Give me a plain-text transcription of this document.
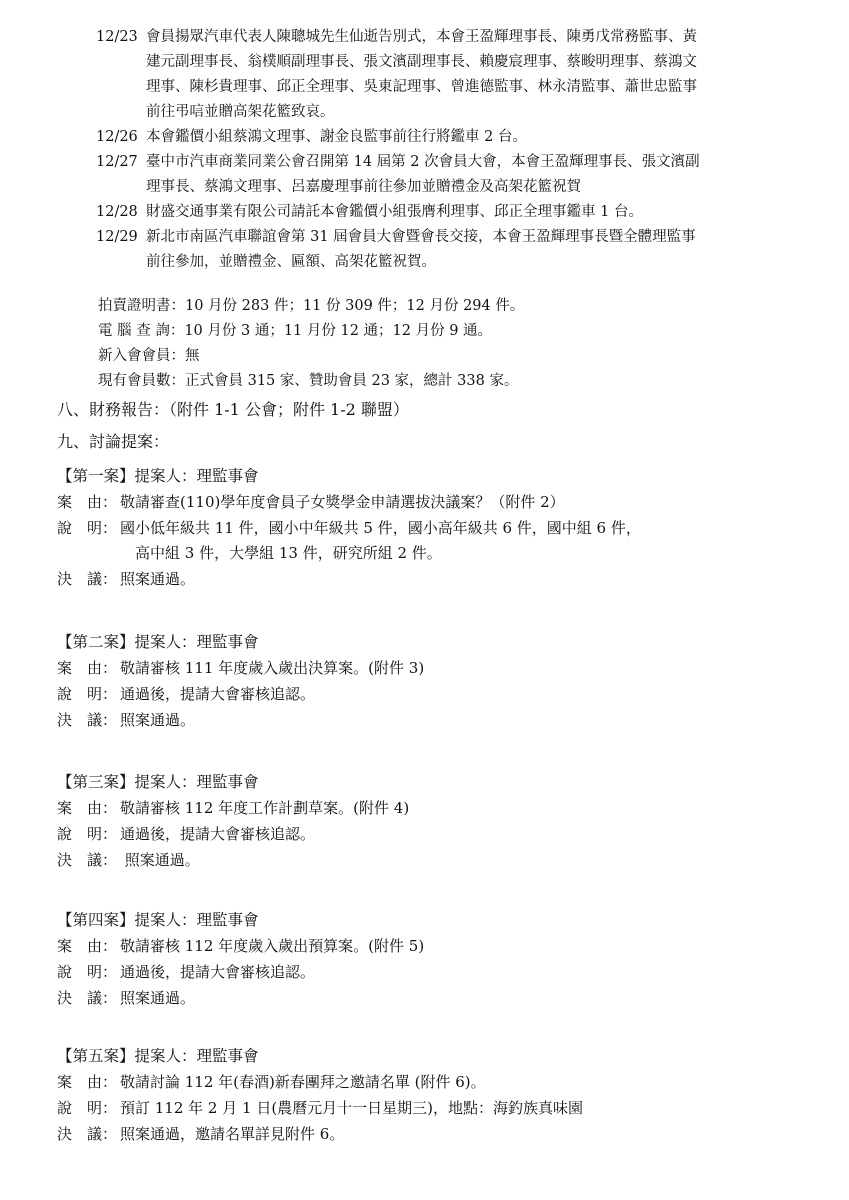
12/23 會員揚眾汽車代表人陳聰城先生仙逝告別式，本會王盈輝理事長、陳勇戊常務監事、黃
建元副理事長、翁樸順副理事長、張文濱副理事長、賴慶宸理事、蔡畯明理事、蔡鴻文
理事、陳杉貴理事、邱正全理事、吳東記理事、曾進德監事、林永清監事、蕭世忠監事
前往弔唁並贈高架花籃致哀。
12/26 本會鑑價小組蔡鴻文理事、謝金良監事前往行將鑑車 2 台。
12/27 臺中市汽車商業同業公會召開第 14 屆第 2 次會員大會，本會王盈輝理事長、張文濱副
理事長、蔡鴻文理事、呂嘉慶理事前往參加並贈禮金及高架花籃祝賀
12/28 財盛交通事業有限公司請託本會鑑價小組張膺利理事、邱正全理事鑑車 1 台。
12/29 新北市南區汽車聯誼會第 31 屆會員大會暨會長交接，本會王盈輝理事長暨全體理監事
前往參加，並贈禮金、匾額、高架花籃祝賀。
拍賣證明書：10 月份 283 件；11 份 309 件；12 月份 294 件。
電 腦 查 詢：10 月份 3 通；11 月份 12 通；12 月份 9 通。
新入會會員：無
現有會員數：正式會員 315 家、贊助會員 23 家，總計 338 家。
八、財務報告：（附件 1-1 公會；附件 1-2 聯盟）
九、討論提案：
【第一案】提案人：理監事會
案　由： 敬請審查(110)學年度會員子女獎學金申請選拔決議案？（附件 2）
說　明： 國小低年級共 11 件，國小中年級共 5 件，國小高年級共 6 件，國中組 6 件，
高中組 3 件，大學組 13 件，研究所組 2 件。
決　議： 照案通過。
【第二案】提案人：理監事會
案　由： 敬請審核 111 年度歲入歲出決算案。(附件 3)
說　明： 通過後，提請大會審核追認。
決　議： 照案通過。
【第三案】提案人：理監事會
案　由： 敬請審核 112 年度工作計劃草案。(附件 4)
說　明： 通過後，提請大會審核追認。
決　議： 照案通過。
【第四案】提案人：理監事會
案　由： 敬請審核 112 年度歲入歲出預算案。(附件 5)
說　明： 通過後，提請大會審核追認。
決　議： 照案通過。
【第五案】提案人：理監事會
案　由： 敬請討論 112 年(春酒)新春團拜之邀請名單 (附件 6)。
說　明： 預訂 112 年 2 月 1 日(農曆元月十一日星期三)，地點：海釣族真味園
決　議： 照案通過，邀請名單詳見附件 6。
